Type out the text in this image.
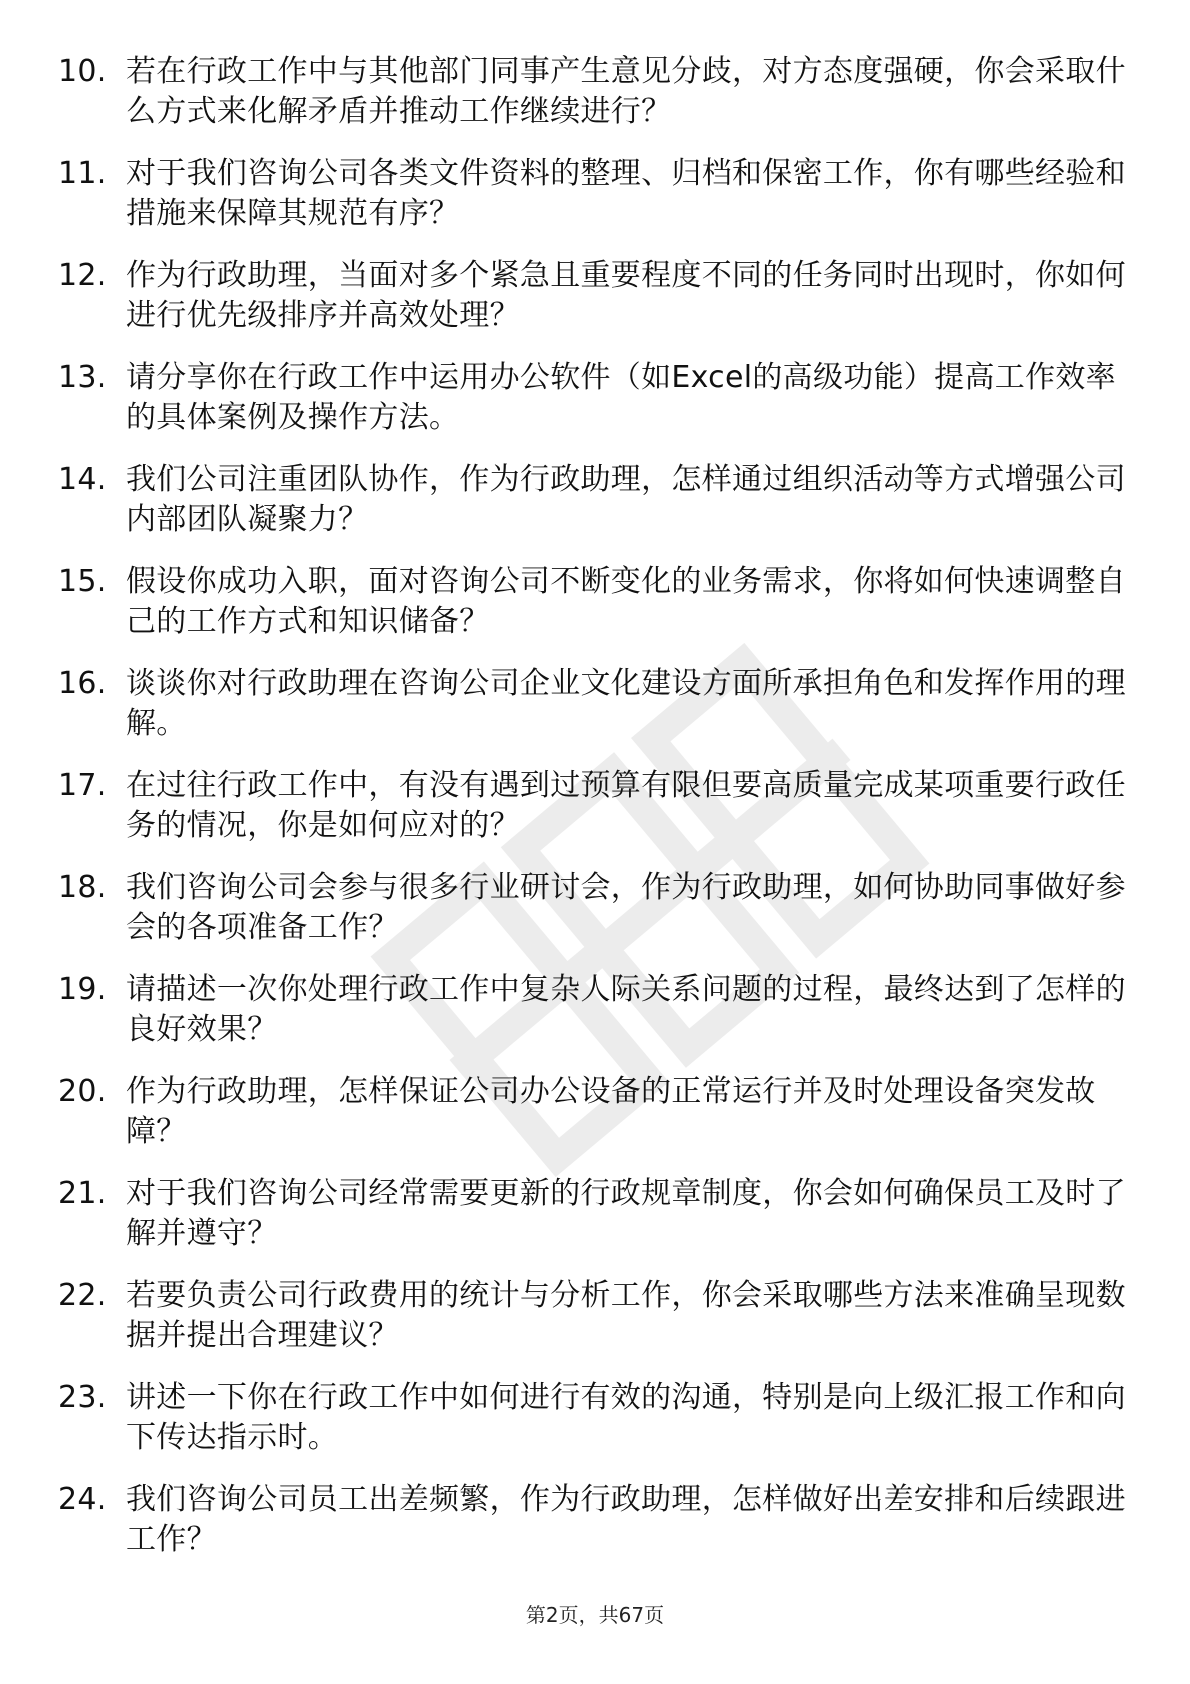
10. 若在行政工作中与其他部门同事产生意见分歧，对方态度强硬，你会采取什么方式来化解矛盾并推动工作继续进行？
11. 对于我们咨询公司各类文件资料的整理、归档和保密工作，你有哪些经验和措施来保障其规范有序？
12. 作为行政助理，当面对多个紧急且重要程度不同的任务同时出现时，你如何进行优先级排序并高效处理？
13. 请分享你在行政工作中运用办公软件（如Excel的高级功能）提高工作效率的具体案例及操作方法。
14. 我们公司注重团队协作，作为行政助理，怎样通过组织活动等方式增强公司内部团队凝聚力？
15. 假设你成功入职，面对咨询公司不断变化的业务需求，你将如何快速调整自己的工作方式和知识储备？
16. 谈谈你对行政助理在咨询公司企业文化建设方面所承担角色和发挥作用的理解。
17. 在过往行政工作中，有没有遇到过预算有限但要高质量完成某项重要行政任务的情况，你是如何应对的？
18. 我们咨询公司会参与很多行业研讨会，作为行政助理，如何协助同事做好参会的各项准备工作？
19. 请描述一次你处理行政工作中复杂人际关系问题的过程，最终达到了怎样的良好效果？
20. 作为行政助理，怎样保证公司办公设备的正常运行并及时处理设备突发故障？
21. 对于我们咨询公司经常需要更新的行政规章制度，你会如何确保员工及时了解并遵守？
22. 若要负责公司行政费用的统计与分析工作，你会采取哪些方法来准确呈现数据并提出合理建议？
23. 讲述一下你在行政工作中如何进行有效的沟通，特别是向上级汇报工作和向下传达指示时。
24. 我们咨询公司员工出差频繁，作为行政助理，怎样做好出差安排和后续跟进工作？
第2页，共67页
